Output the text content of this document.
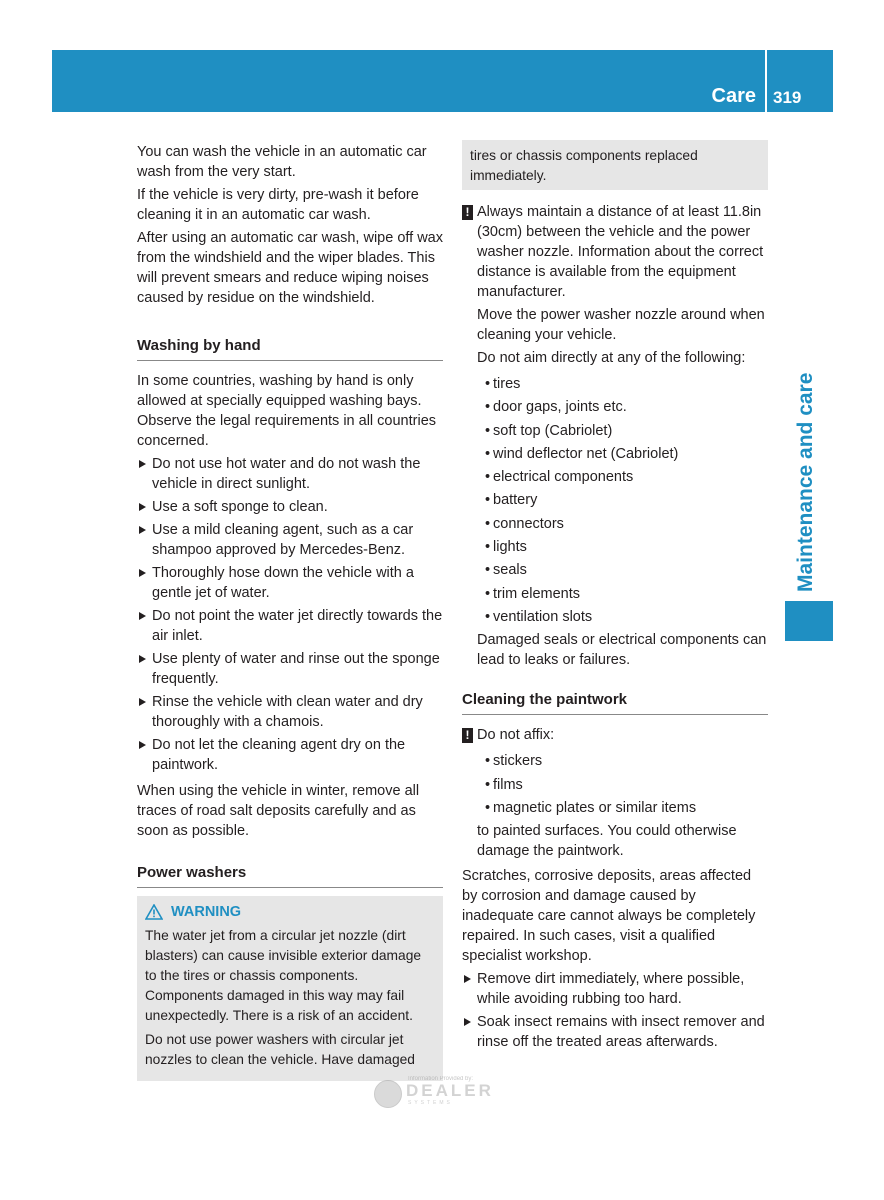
Care 319
Maintenance and care

You can wash the vehicle in an automatic car wash from the very start.

If the vehicle is very dirty, pre-wash it before cleaning it in an automatic car wash.

After using an automatic car wash, wipe off wax from the windshield and the wiper blades. This will prevent smears and reduce wiping noises caused by residue on the windshield.

Washing by hand

In some countries, washing by hand is only allowed at specially equipped washing bays. Observe the legal requirements in all countries concerned.

Do not use hot water and do not wash the vehicle in direct sunlight.
Use a soft sponge to clean.
Use a mild cleaning agent, such as a car shampoo approved by Mercedes-Benz.
Thoroughly hose down the vehicle with a gentle jet of water.
Do not point the water jet directly towards the air inlet.
Use plenty of water and rinse out the sponge frequently.
Rinse the vehicle with clean water and dry thoroughly with a chamois.
Do not let the cleaning agent dry on the paintwork.

When using the vehicle in winter, remove all traces of road salt deposits carefully and as soon as possible.

Power washers
WARNING

The water jet from a circular jet nozzle (dirt blasters) can cause invisible exterior damage to the tires or chassis components. Components damaged in this way may fail unexpectedly. There is a risk of an accident.

Do not use power washers with circular jet nozzles to clean the vehicle. Have damaged

tires or chassis components replaced immediately.
! Always maintain a distance of at least 11.8in (30cm) between the vehicle and the power washer nozzle. Information about the correct distance is available from the equipment manufacturer.

Move the power washer nozzle around when cleaning your vehicle.

Do not aim directly at any of the following:

• tires
• door gaps, joints etc.
• soft top (Cabriolet)
• wind deflector net (Cabriolet)
• electrical components
• battery
• connectors
• lights
• seals
• trim elements
• ventilation slots

Damaged seals or electrical components can lead to leaks or failures.

Cleaning the paintwork
! Do not affix:

• stickers
• films
• magnetic plates or similar items

to painted surfaces. You could otherwise damage the paintwork.

Scratches, corrosive deposits, areas affected by corrosion and damage caused by inadequate care cannot always be completely repaired. In such cases, visit a qualified specialist workshop.

Remove dirt immediately, where possible, while avoiding rubbing too hard.
Soak insect remains with insect remover and rinse off the treated areas afterwards.
Information Provided by:
DEALER
SYSTEMS
